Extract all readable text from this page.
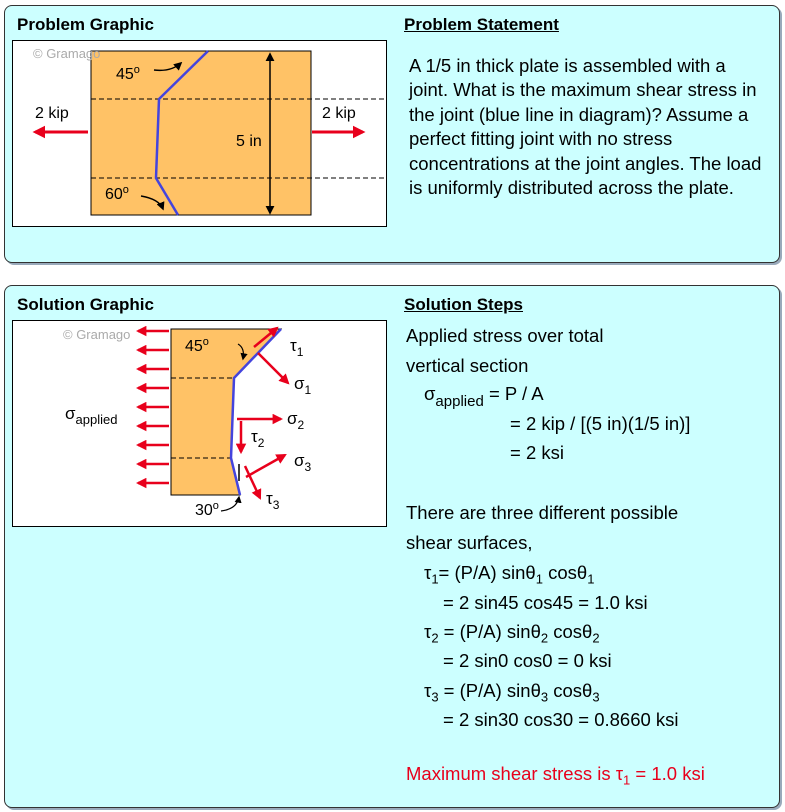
Problem Graphic	Problem Statement
© Gramago
5 in
45$^o$
60$^o$
2 kip	2 kip
A 1/5 in thick plate is assembled with a joint. What is the maximum shear stress in the joint (blue line in diagram)? Assume a perfect fitting joint with no stress concentrations at the joint angles. The load is uniformly distributed across the plate.
Solution Graphic	Solution Steps
© Gramago
$\sigma_{applied}$
45$^o$
30$^o$
$\tau_1$
$\sigma_1$
$\sigma_2$
$\tau_2$
$\sigma_3$
$\tau_3$
Applied stress over total
vertical section
$\sigma_{applied} = P / A$
= 2 kip / [(5 in)(1/5 in)]
= 2 ksi
There are three different possible
shear surfaces,
$\tau_1= (P/A)$ sinθ$_1$ cosθ$_1$
= 2 sin45 cos45 = 1.0 ksi
$\tau_2 = (P/A)$ sinθ$_2$ cosθ$_2$
= 2 sin0 cos0 = 0 ksi
$\tau_3 = (P/A)$ sinθ$_3$ cosθ$_3$
= 2 sin30 cos30 = 0.8660 ksi
Maximum shear stress is $\tau_1 = 1.0$ ksi
